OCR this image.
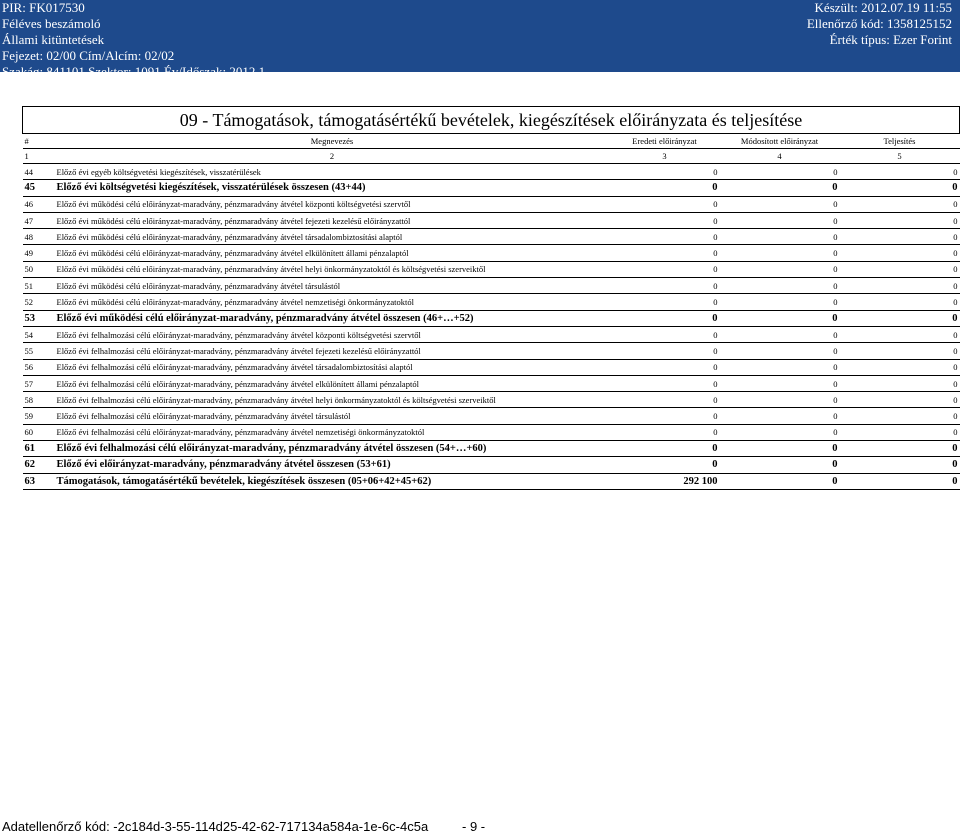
PIR: FK017530
Féléves beszámoló
Állami kitüntetések
Fejezet: 02/00 Cím/Alcím: 02/02
Szakág: 841101 Szektor: 1091 Év/Időszak: 2012.1
Készült: 2012.07.19 11:55
Ellenőrző kód: 1358125152
Érték típus: Ezer Forint
09 - Támogatások, támogatásértékű bevételek, kiegészítések előirányzata és teljesítése				
#	Megnevezés	Eredeti előirányzat	Módosított előirányzat	Teljesítés
1	2	3	4	5
44	Előző évi egyéb költségvetési kiegészítések, visszatérülések	0	0	0
45	Előző évi költségvetési kiegészítések, visszatérülések összesen (43+44)	0	0	0
46	Előző évi működési célú előirányzat-maradvány, pénzmaradvány átvétel központi költségvetési szervtől	0	0	0
47	Előző évi működési célú előirányzat-maradvány, pénzmaradvány átvétel fejezeti kezelésű előirányzattól	0	0	0
48	Előző évi működési célú előirányzat-maradvány, pénzmaradvány átvétel társadalombiztosítási alaptól	0	0	0
49	Előző évi működési célú előirányzat-maradvány, pénzmaradvány átvétel elkülönített állami pénzalaptól	0	0	0
50	Előző évi működési célú előirányzat-maradvány, pénzmaradvány átvétel helyi önkormányzatoktól és költségvetési szerveiktől	0	0	0
51	Előző évi működési célú előirányzat-maradvány, pénzmaradvány átvétel társulástól	0	0	0
52	Előző évi működési célú előirányzat-maradvány, pénzmaradvány átvétel nemzetiségi önkormányzatoktól	0	0	0
53	Előző évi működési célú előirányzat-maradvány, pénzmaradvány átvétel összesen (46+…+52)	0	0	0
54	Előző évi felhalmozási célú előirányzat-maradvány, pénzmaradvány átvétel központi költségvetési szervtől	0	0	0
55	Előző évi felhalmozási célú előirányzat-maradvány, pénzmaradvány átvétel fejezeti kezelésű előirányzattól	0	0	0
56	Előző évi felhalmozási célú előirányzat-maradvány, pénzmaradvány átvétel társadalombiztosítási alaptól	0	0	0
57	Előző évi felhalmozási célú előirányzat-maradvány, pénzmaradvány átvétel elkülönített állami pénzalaptól	0	0	0
58	Előző évi felhalmozási célú előirányzat-maradvány, pénzmaradvány átvétel helyi önkormányzatoktól és költségvetési szerveiktől	0	0	0
59	Előző évi felhalmozási célú előirányzat-maradvány, pénzmaradvány átvétel társulástól	0	0	0
60	Előző évi felhalmozási célú előirányzat-maradvány, pénzmaradvány átvétel nemzetiségi önkormányzatoktól	0	0	0
61	Előző évi felhalmozási célú előirányzat-maradvány, pénzmaradvány átvétel összesen (54+…+60)	0	0	0
62	Előző évi előirányzat-maradvány, pénzmaradvány átvétel összesen (53+61)	0	0	0
63	Támogatások, támogatásértékű bevételek, kiegészítések összesen (05+06+42+45+62)	292 100	0	0
Adatellenőrző kód: -2c184d-3-55-114d25-42-62-717134a584a-1e-6c-4c5a	- 9 -
